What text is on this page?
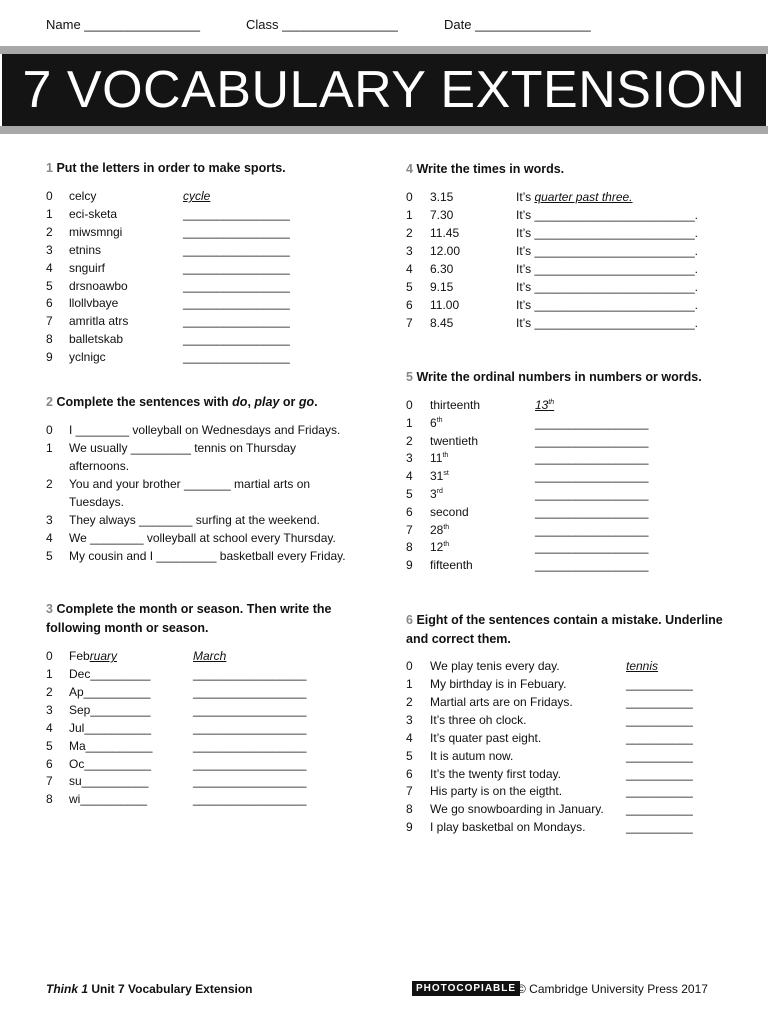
Name ________________	Class ________________	Date ________________
7 VOCABULARY EXTENSION
1 Put the letters in order to make sports.
0 celcy	cycle
1 eci-sketa	________________
2 miwsmngi	________________
3 etnins	________________
4 snguirf	________________
5 drsnoawbo	________________
6 llollvbaye	________________
7 amritla atrs	________________
8 balletskab	________________
9 yclnigc	________________
2 Complete the sentences with do, play or go.
0 I ________ volleyball on Wednesdays and Fridays.
1 We usually _________ tennis on Thursday
afternoons.
2 You and your brother _______ martial arts on
Tuesdays.
3 They always ________ surfing at the weekend.
4 We ________ volleyball at school every Thursday.
5 My cousin and I _________ basketball every Friday.
3 Complete the month or season. Then write the
following month or season.
0 February	March
1 Dec_________	_________________
2 Ap__________	_________________
3 Sep_________	_________________
4 Jul__________	_________________
5 Ma__________	_________________
6 Oc__________	_________________
7 su__________	_________________
8 wi__________	_________________
4 Write the times in words.
0 3.15	It’s quarter past three.
1 7.30	It’s ________________________.
2 11.45	It’s ________________________.
3 12.00	It’s ________________________.
4 6.30	It’s ________________________.
5 9.15	It’s ________________________.
6 11.00	It’s ________________________.
7 8.45	It’s ________________________.
5 Write the ordinal numbers in numbers or words.
0 thirteenth	13th
1 6th	_________________
2 twentieth	_________________
3 11th	_________________
4 31st	_________________
5 3rd	_________________
6 second	_________________
7 28th	_________________
8 12th	_________________
9 fifteenth	_________________
6 Eight of the sentences contain a mistake. Underline
and correct them.
0 We play tenis every day.	tennis
1 My birthday is in Febuary.	__________
2 Martial arts are on Fridays.	__________
3 It’s three oh clock.	__________
4 It’s quater past eight.	__________
5 It is autum now.	__________
6 It’s the twenty first today.	__________
7 His party is on the eigtht.	__________
8 We go snowboarding in January. __________
9 I play basketbal on Mondays.	__________
Think 1 Unit 7 Vocabulary Extension	PHOTOCOPIABLE © Cambridge University Press 2017
